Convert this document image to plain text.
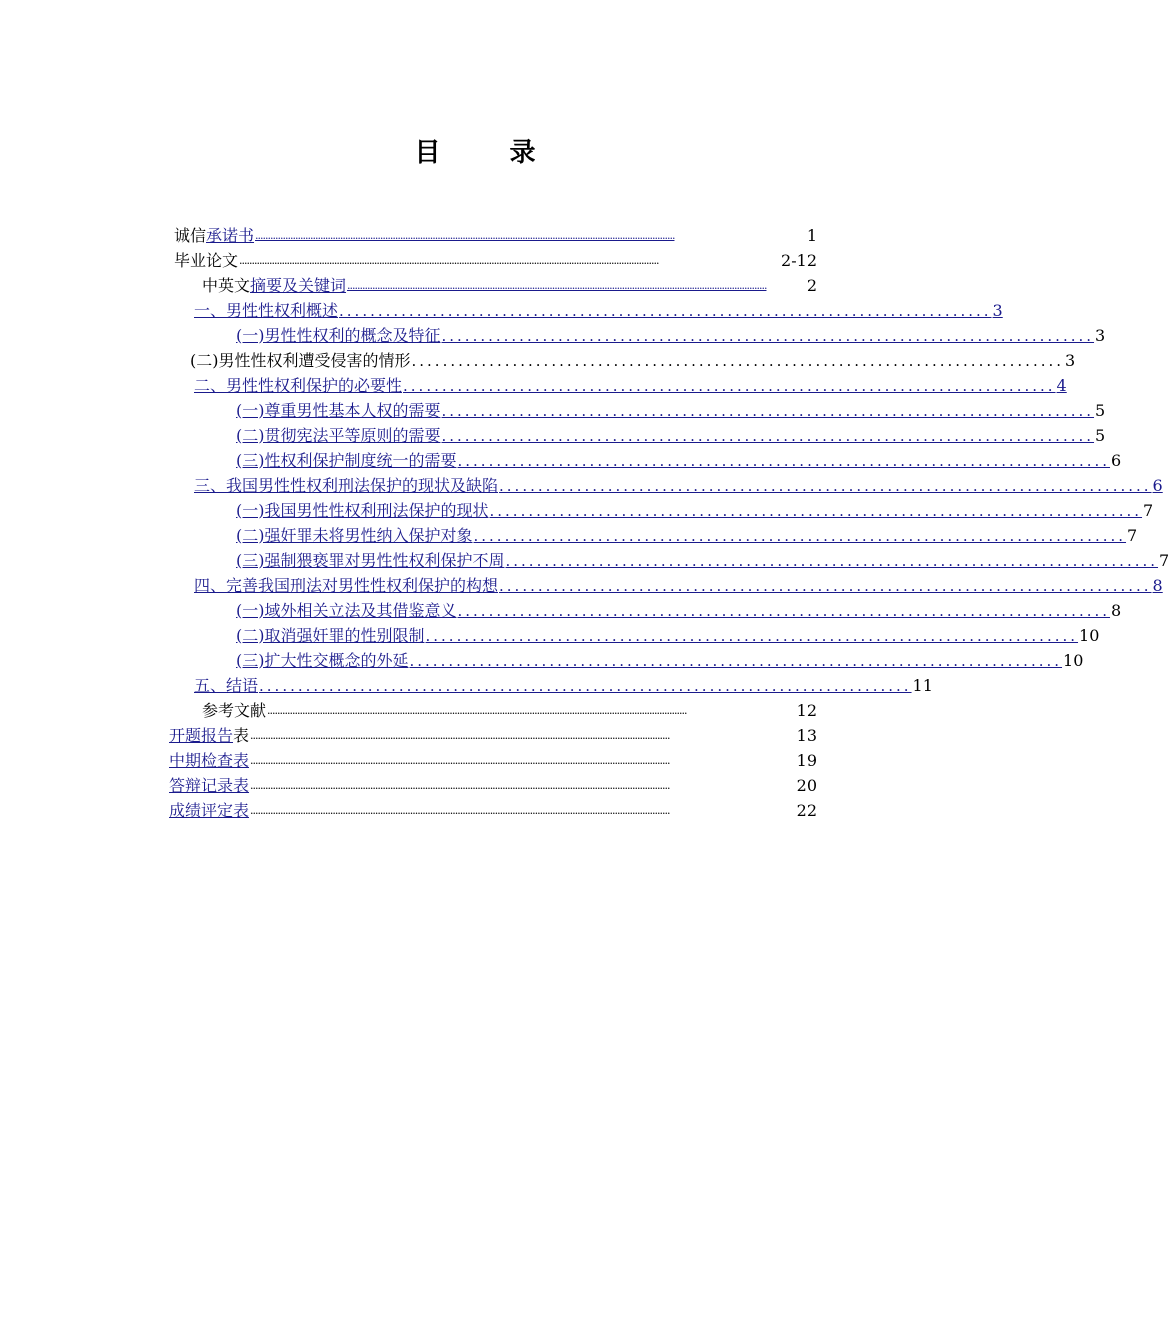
目 录
诚信承诺书 ........................................................................................................................................................................	1
毕业论文 ........................................................................................................................................................................	2-12
中英文摘要及关键词 ........................................................................................................................................................................	2
一、男性性权利概述 .................................................................................... 3
(一)男性性权利的概念及特征 .................................................................................... 3
(二)男性性权利遭受侵害的情形 .................................................................................... 3
二、男性性权利保护的必要性 .................................................................................... 4
(一)尊重男性基本人权的需要 .................................................................................... 5
(二)贯彻宪法平等原则的需要 .................................................................................... 5
(三)性权利保护制度统一的需要 .................................................................................... 6
三、我国男性性权利刑法保护的现状及缺陷 .................................................................................... 6
(一)我国男性性权利刑法保护的现状 .................................................................................... 7
(二)强奸罪未将男性纳入保护对象 .................................................................................... 7
(三)强制猥亵罪对男性性权利保护不周 .................................................................................... 7
四、完善我国刑法对男性性权利保护的构想 .................................................................................... 8
(一)域外相关立法及其借鉴意义 .................................................................................... 8
(二)取消强奸罪的性别限制 .................................................................................... 10
(三)扩大性交概念的外延 .................................................................................... 10
五、结语 .................................................................................... 11
参考文献 ........................................................................................................................................................................	12
开题报告表 ........................................................................................................................................................................	13
中期检查表 ........................................................................................................................................................................	19
答辩记录表 ........................................................................................................................................................................	20
成绩评定表 ........................................................................................................................................................................	22
